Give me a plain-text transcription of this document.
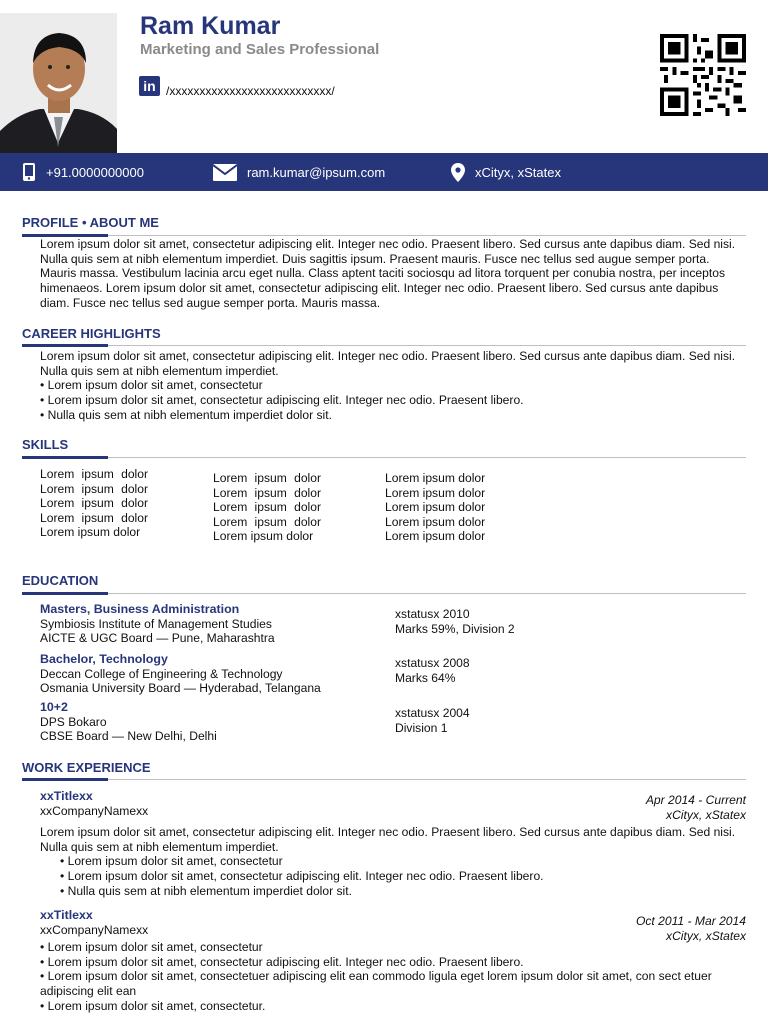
Ram Kumar
Marketing and Sales Professional
in /xxxxxxxxxxxxxxxxxxxxxxxxxxx/
+91.0000000000	ram.kumar@ipsum.com	xCityx, xStatex
PROFILE • ABOUT ME
Lorem ipsum dolor sit amet, consectetur adipiscing elit. Integer nec odio. Praesent libero. Sed cursus ante dapibus diam. Sed nisi. Nulla quis sem at nibh elementum imperdiet. Duis sagittis ipsum. Praesent mauris. Fusce nec tellus sed augue semper porta. Mauris massa. Vestibulum lacinia arcu eget nulla. Class aptent taciti sociosqu ad litora torquent per conubia nostra, per inceptos himenaeos. Lorem ipsum dolor sit amet, consectetur adipiscing elit. Integer nec odio. Praesent libero. Sed cursus ante dapibus diam. Fusce nec tellus sed augue semper porta. Mauris massa.
CAREER HIGHLIGHTS
Lorem ipsum dolor sit amet, consectetur adipiscing elit. Integer nec odio. Praesent libero. Sed cursus ante dapibus diam. Sed nisi. Nulla quis sem at nibh elementum imperdiet.
• Lorem ipsum dolor sit amet, consectetur
• Lorem ipsum dolor sit amet, consectetur adipiscing elit. Integer nec odio. Praesent libero.
• Nulla quis sem at nibh elementum imperdiet dolor sit.
SKILLS
Lorem ipsum dolor Lorem ipsum dolor Lorem ipsum dolor Lorem ipsum dolor Lorem ipsum dolor
Lorem ipsum dolor Lorem ipsum dolor Lorem ipsum dolor Lorem ipsum dolor Lorem ipsum dolor
Lorem ipsum dolor
Lorem ipsum dolor
Lorem ipsum dolor
Lorem ipsum dolor
Lorem ipsum dolor
EDUCATION
Masters, Business Administration
Symbiosis Institute of Management Studies
AICTE & UGC Board — Pune, Maharashtra
xstatusx 2010
Marks 59%, Division 2
Bachelor, Technology
Deccan College of Engineering & Technology
Osmania University Board — Hyderabad, Telangana
xstatusx 2008
Marks 64%
10+2
DPS Bokaro
CBSE Board — New Delhi, Delhi
xstatusx 2004
Division 1
WORK EXPERIENCE
xxTitlexx
xxCompanyNamexx
Apr 2014 - Current
xCityx, xStatex
Lorem ipsum dolor sit amet, consectetur adipiscing elit. Integer nec odio. Praesent libero. Sed cursus ante dapibus diam. Sed nisi. Nulla quis sem at nibh elementum imperdiet.
• Lorem ipsum dolor sit amet, consectetur
• Lorem ipsum dolor sit amet, consectetur adipiscing elit. Integer nec odio. Praesent libero.
• Nulla quis sem at nibh elementum imperdiet dolor sit.
xxTitlexx
xxCompanyNamexx
Oct 2011 - Mar 2014
xCityx, xStatex
• Lorem ipsum dolor sit amet, consectetur
• Lorem ipsum dolor sit amet, consectetur adipiscing elit. Integer nec odio. Praesent libero.
• Lorem ipsum dolor sit amet, consectetuer adipiscing elit ean commodo ligula eget lorem ipsum dolor sit amet, con sect etuer adipiscing elit ean
• Lorem ipsum dolor sit amet, consectetur.
